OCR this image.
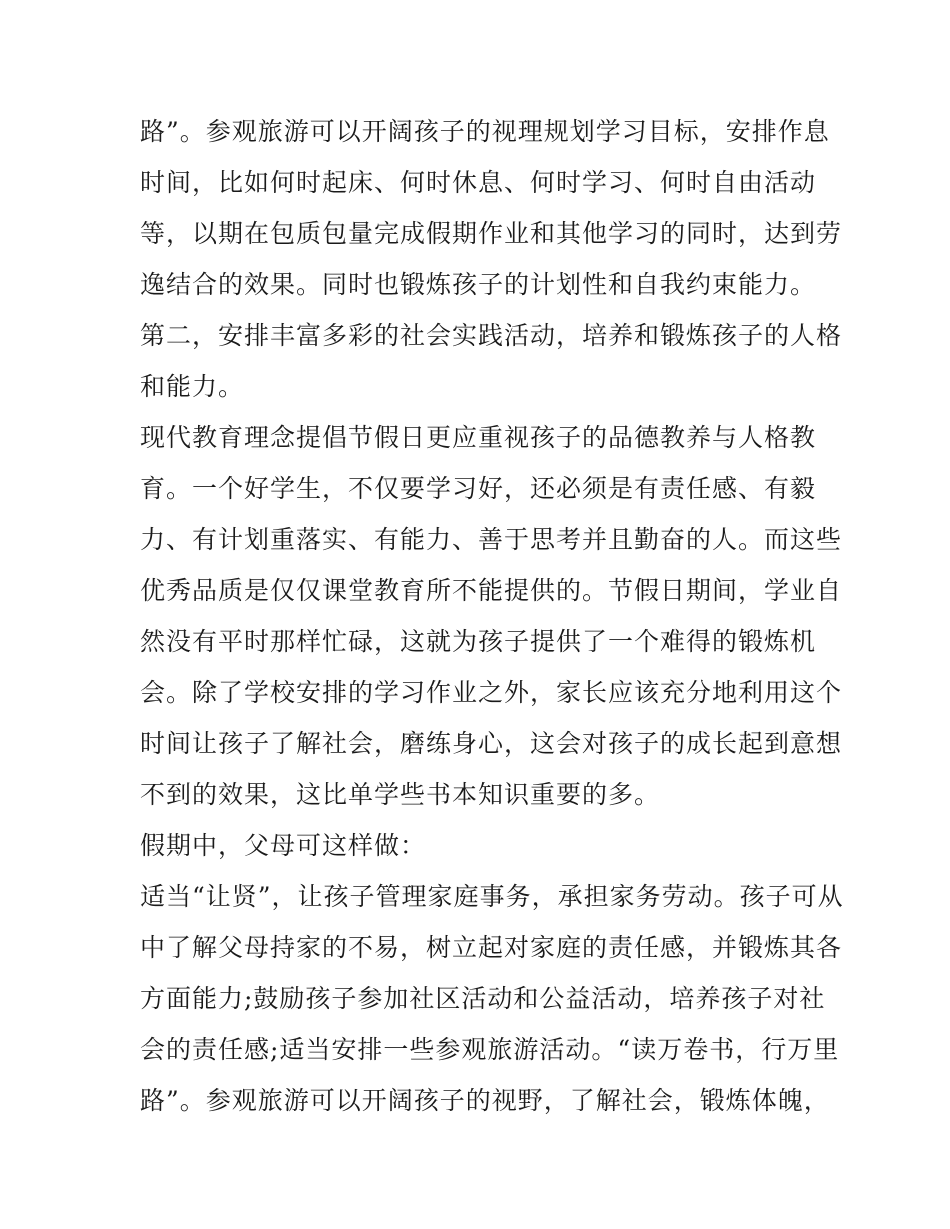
路”。参观旅游可以开阔孩子的视理规划学习目标，安排作息
时间，比如何时起床、何时休息、何时学习、何时自由活动
等，以期在包质包量完成假期作业和其他学习的同时，达到劳
逸结合的效果。同时也锻炼孩子的计划性和自我约束能力。
第二，安排丰富多彩的社会实践活动，培养和锻炼孩子的人格
和能力。
现代教育理念提倡节假日更应重视孩子的品德教养与人格教
育。一个好学生，不仅要学习好，还必须是有责任感、有毅
力、有计划重落实、有能力、善于思考并且勤奋的人。而这些
优秀品质是仅仅课堂教育所不能提供的。节假日期间，学业自
然没有平时那样忙碌，这就为孩子提供了一个难得的锻炼机
会。除了学校安排的学习作业之外，家长应该充分地利用这个
时间让孩子了解社会，磨练身心，这会对孩子的成长起到意想
不到的效果，这比单学些书本知识重要的多。
假期中，父母可这样做：
适当“让贤”，让孩子管理家庭事务，承担家务劳动。孩子可从
中了解父母持家的不易，树立起对家庭的责任感，并锻炼其各
方面能力;鼓励孩子参加社区活动和公益活动，培养孩子对社
会的责任感;适当安排一些参观旅游活动。“读万卷书，行万里
路”。参观旅游可以开阔孩子的视野，了解社会，锻炼体魄，
